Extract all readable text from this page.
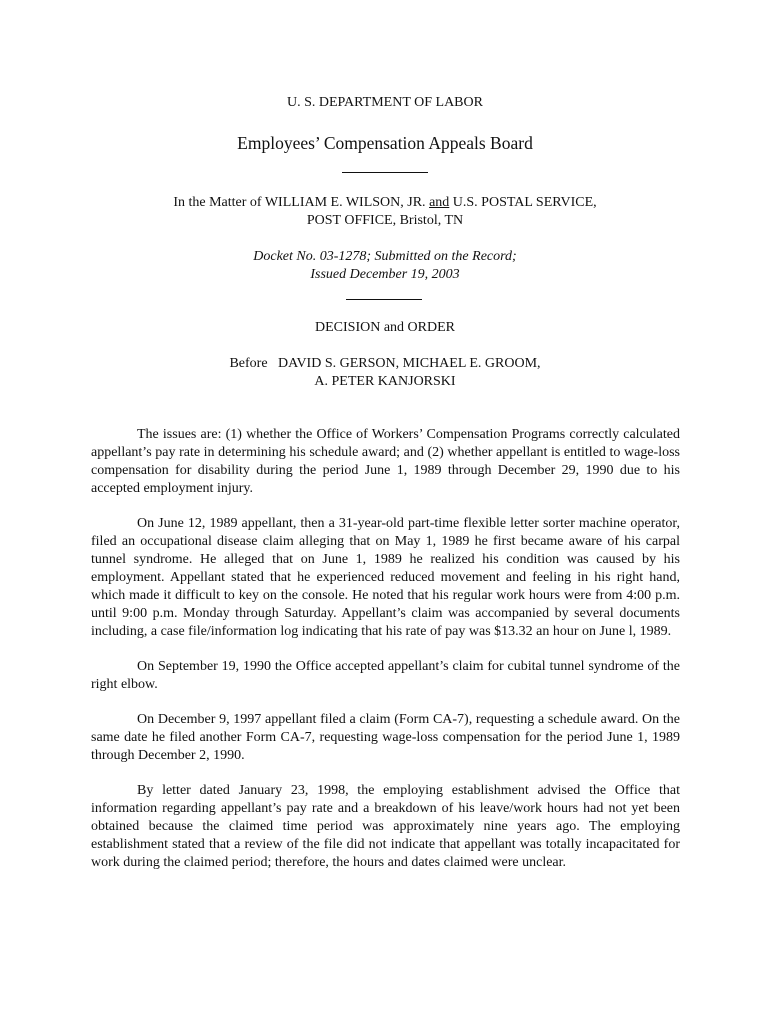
U. S. DEPARTMENT OF LABOR
Employees’ Compensation Appeals Board
In the Matter of WILLIAM E. WILSON, JR. and U.S. POSTAL SERVICE,
POST OFFICE, Bristol, TN
Docket No. 03-1278; Submitted on the Record;
Issued December 19, 2003
DECISION and ORDER
Before   DAVID S. GERSON, MICHAEL E. GROOM,
A. PETER KANJORSKI

The issues are: (1) whether the Office of Workers’ Compensation Programs correctly calculated appellant’s pay rate in determining his schedule award; and (2) whether appellant is entitled to wage-loss compensation for disability during the period June 1, 1989 through December 29, 1990 due to his accepted employment injury.

On June 12, 1989 appellant, then a 31-year-old part-time flexible letter sorter machine operator, filed an occupational disease claim alleging that on May 1, 1989 he first became aware of his carpal tunnel syndrome. He alleged that on June 1, 1989 he realized his condition was caused by his employment. Appellant stated that he experienced reduced movement and feeling in his right hand, which made it difficult to key on the console. He noted that his regular work hours were from 4:00 p.m. until 9:00 p.m. Monday through Saturday. Appellant’s claim was accompanied by several documents including, a case file/information log indicating that his rate of pay was $13.32 an hour on June l, 1989.

On September 19, 1990 the Office accepted appellant’s claim for cubital tunnel syndrome of the right elbow.

On December 9, 1997 appellant filed a claim (Form CA-7), requesting a schedule award. On the same date he filed another Form CA-7, requesting wage-loss compensation for the period June 1, 1989 through December 2, 1990.

By letter dated January 23, 1998, the employing establishment advised the Office that information regarding appellant’s pay rate and a breakdown of his leave/work hours had not yet been obtained because the claimed time period was approximately nine years ago. The employing establishment stated that a review of the file did not indicate that appellant was totally incapacitated for work during the claimed period; therefore, the hours and dates claimed were unclear.
